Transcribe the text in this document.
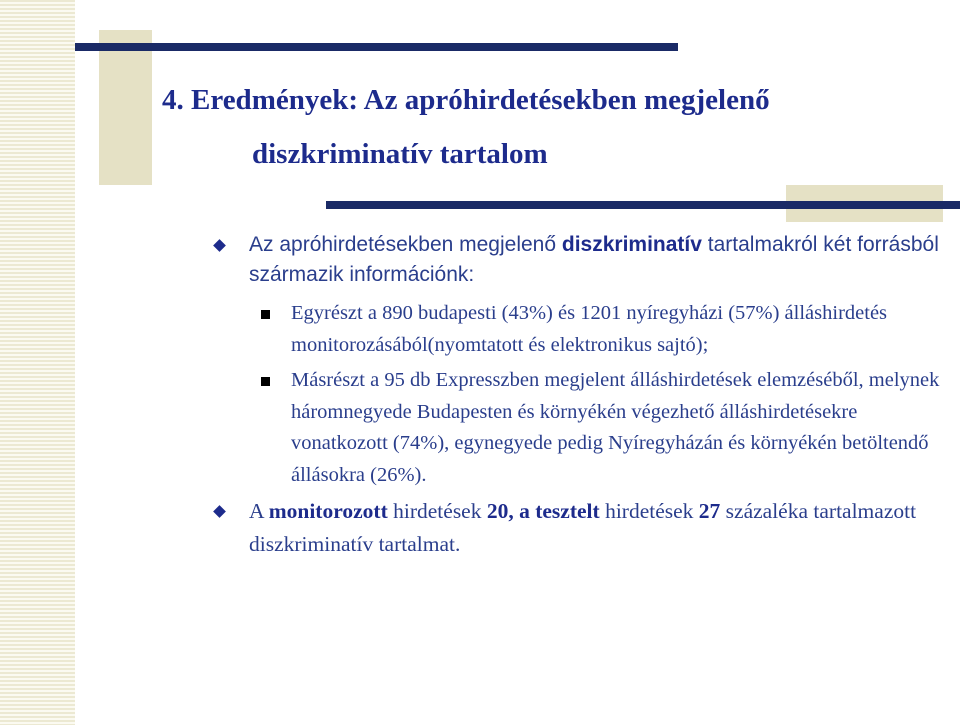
4. Eredmények: Az apróhirdetésekben megjelenő
diszkriminatív tartalom
Az apróhirdetésekben megjelenő diszkriminatív tartalmakról két forrásból származik információnk:
Egyrészt a 890 budapesti (43%) és 1201 nyíregyházi (57%) álláshirdetés monitorozásából(nyomtatott és elektronikus sajtó);
Másrészt a 95 db Expresszben megjelent álláshirdetések elemzéséből, melynek háromnegyede Budapesten és környékén végezhető álláshirdetésekre vonatkozott (74%), egynegyede pedig Nyíregyházán és környékén betöltendő állásokra (26%).
A monitorozott hirdetések 20, a tesztelt hirdetések 27 százaléka tartalmazott diszkriminatív tartalmat.
